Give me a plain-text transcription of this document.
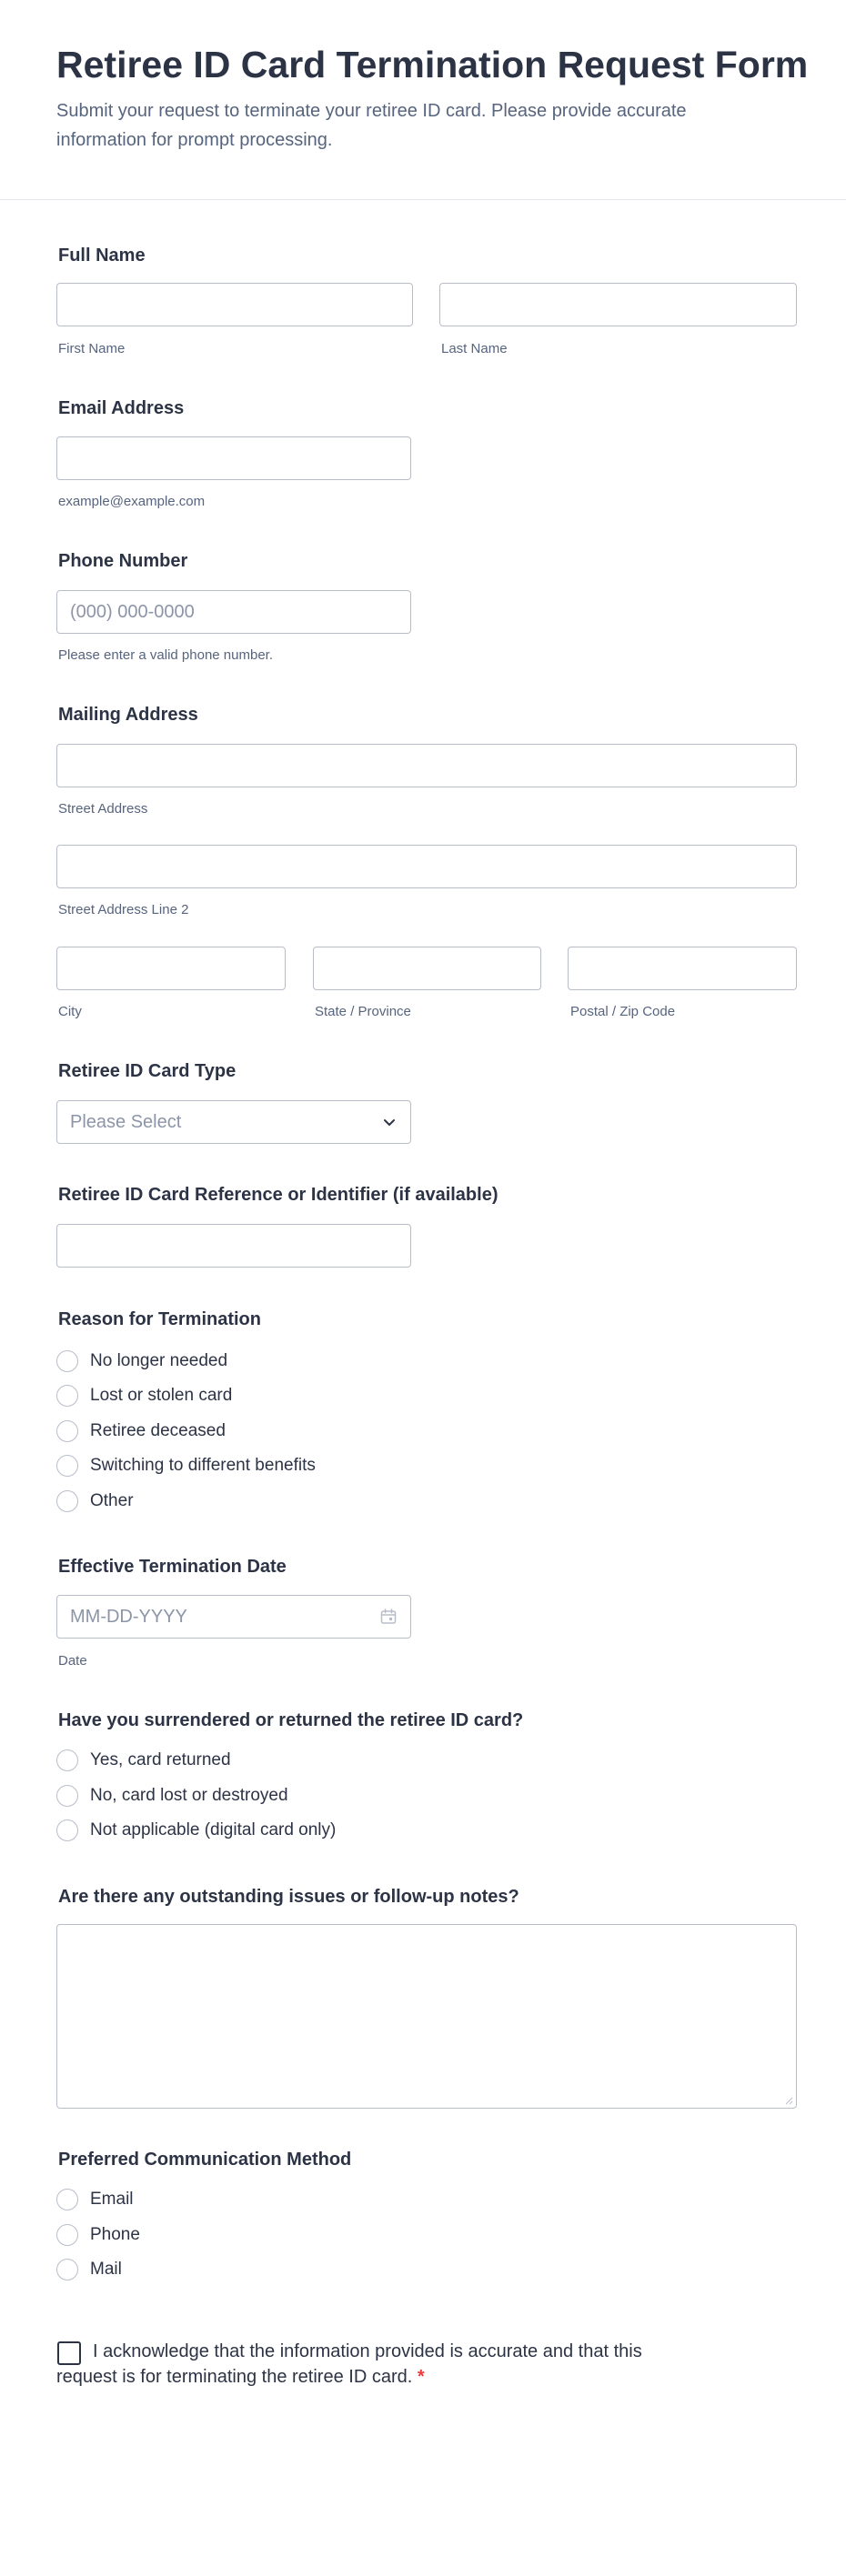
Retiree ID Card Termination Request Form

Submit your request to terminate your retiree ID card. Please provide accurate information for prompt processing.

Full Name
First Name	Last Name
Email Address
example@example.com
Phone Number
(000) 000-0000
Please enter a valid phone number.
Mailing Address
Street Address
Street Address Line 2
City	State / Province	Postal / Zip Code
Retiree ID Card Type
Please Select
Retiree ID Card Reference or Identifier (if available)
Reason for Termination
No longer needed
Lost or stolen card
Retiree deceased
Switching to different benefits
Other
Effective Termination Date
MM-DD-YYYY
Date
Have you surrendered or returned the retiree ID card?
Yes, card returned
No, card lost or destroyed
Not applicable (digital card only)
Are there any outstanding issues or follow-up notes?
Preferred Communication Method
Email
Phone
Mail

I acknowledge that the information provided is accurate and that this request is for terminating the retiree ID card. *
